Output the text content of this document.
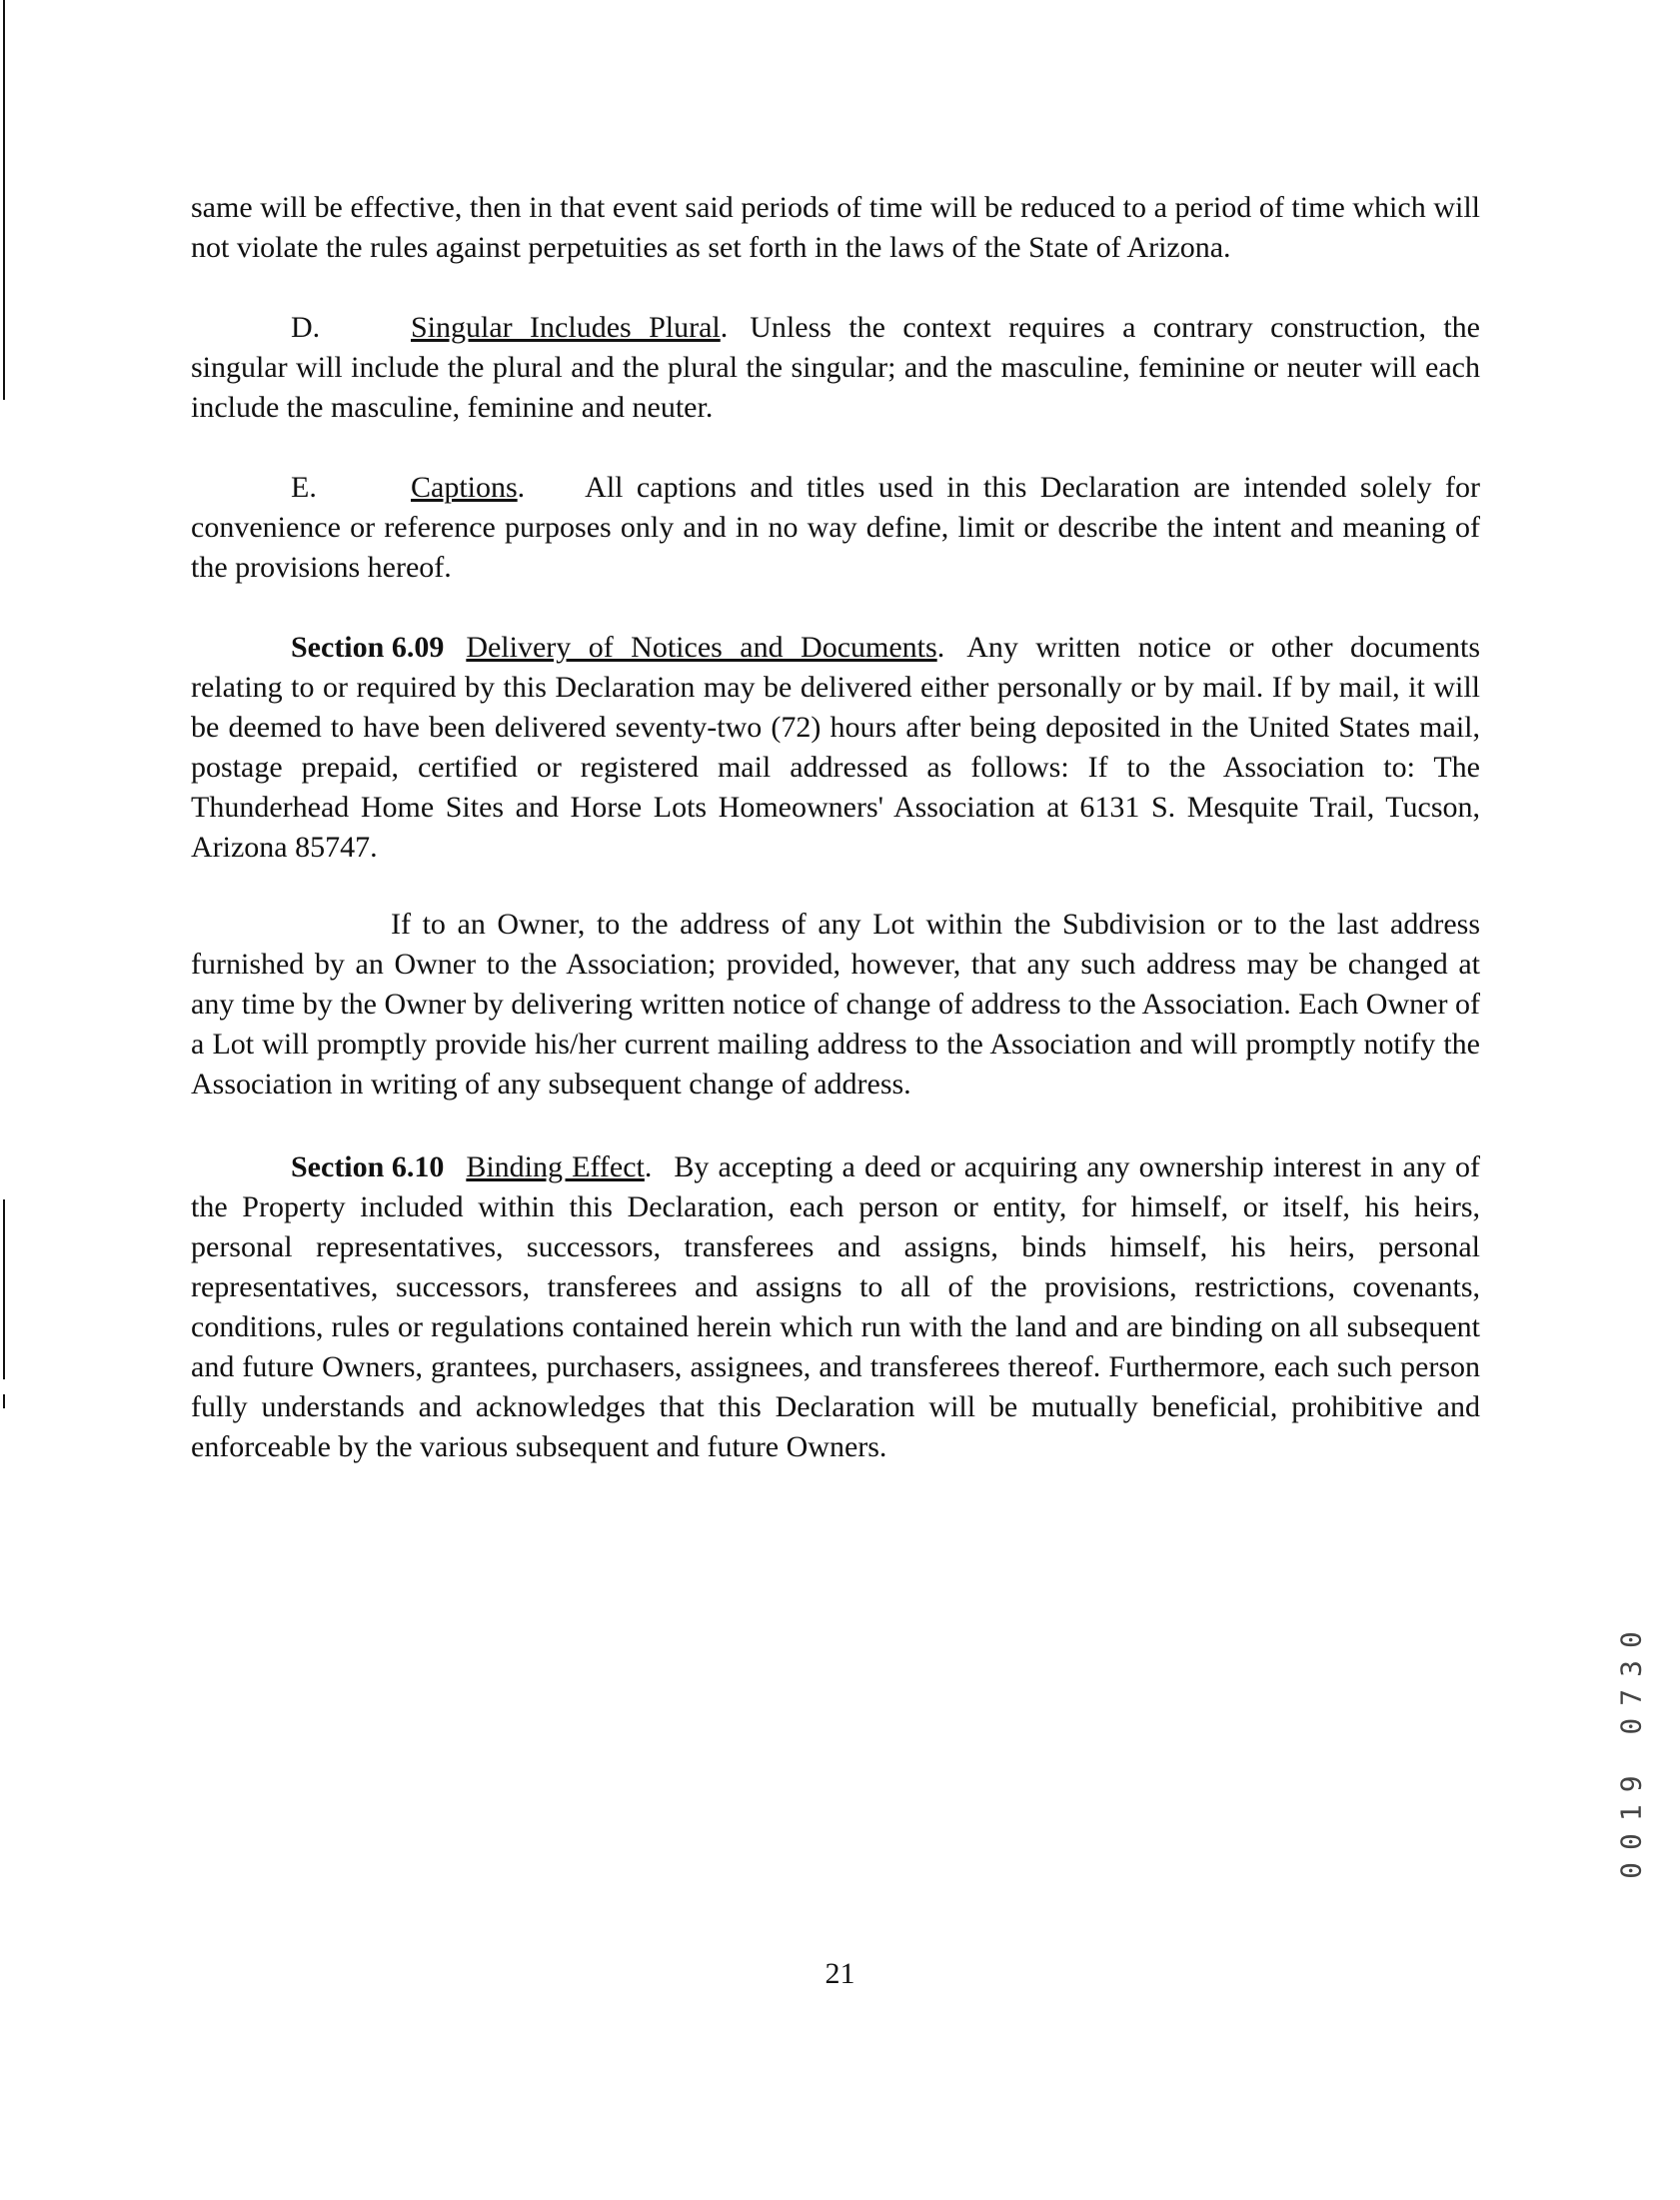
same will be effective, then in that event said periods of time will be reduced to a period of time which will not violate the rules against perpetuities as set forth in the laws of the State of Arizona.

D.	Singular Includes Plural. Unless the context requires a contrary construction, the singular will include the plural and the plural the singular; and the masculine, feminine or neuter will each include the masculine, feminine and neuter.

E.	Captions. All captions and titles used in this Declaration are intended solely for convenience or reference purposes only and in no way define, limit or describe the intent and meaning of the provisions hereof.

Section 6.09 Delivery of Notices and Documents. Any written notice or other documents relating to or required by this Declaration may be delivered either personally or by mail. If by mail, it will be deemed to have been delivered seventy-two (72) hours after being deposited in the United States mail, postage prepaid, certified or registered mail addressed as follows: If to the Association to: The Thunderhead Home Sites and Horse Lots Homeowners' Association at 6131 S. Mesquite Trail, Tucson, Arizona 85747.

If to an Owner, to the address of any Lot within the Subdivision or to the last address furnished by an Owner to the Association; provided, however, that any such address may be changed at any time by the Owner by delivering written notice of change of address to the Association. Each Owner of a Lot will promptly provide his/her current mailing address to the Association and will promptly notify the Association in writing of any subsequent change of address.

Section 6.10 Binding Effect. By accepting a deed or acquiring any ownership interest in any of the Property included within this Declaration, each person or entity, for himself, or itself, his heirs, personal representatives, successors, transferees and assigns, binds himself, his heirs, personal representatives, successors, transferees and assigns to all of the provisions, restrictions, covenants, conditions, rules or regulations contained herein which run with the land and are binding on all subsequent and future Owners, grantees, purchasers, assignees, and transferees thereof. Furthermore, each such person fully understands and acknowledges that this Declaration will be mutually beneficial, prohibitive and enforceable by the various subsequent and future Owners.

21
0019 0730
